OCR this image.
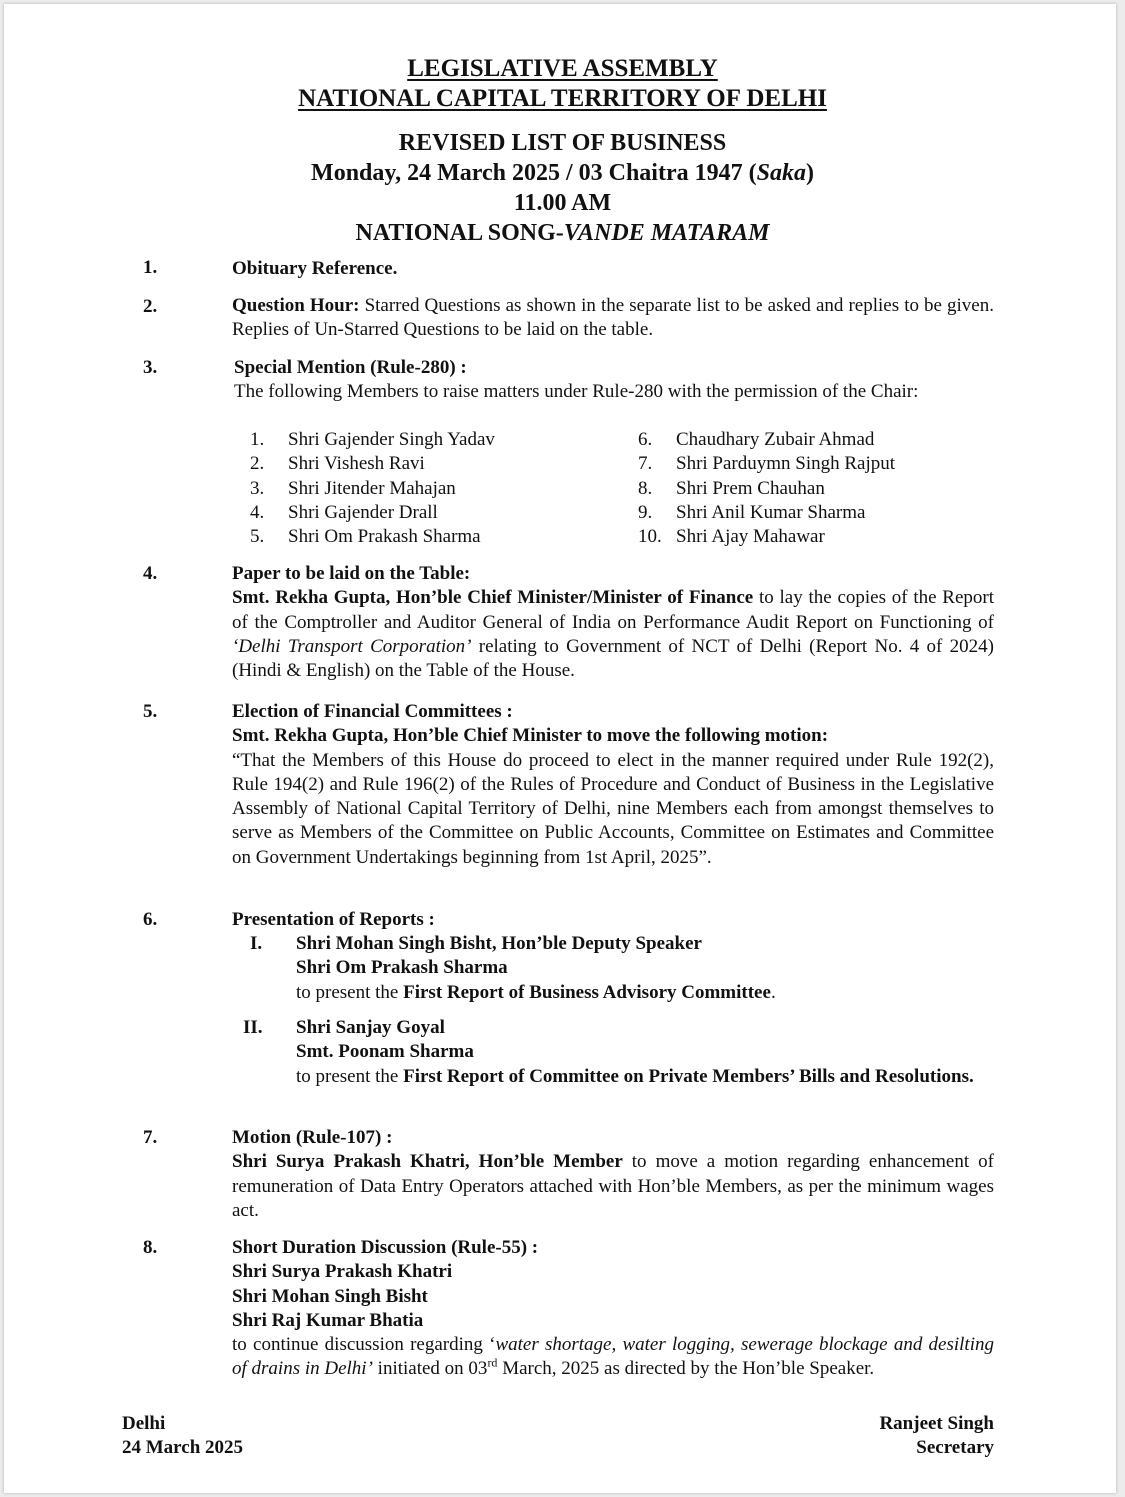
LEGISLATIVE ASSEMBLY
NATIONAL CAPITAL TERRITORY OF DELHI
REVISED LIST OF BUSINESS
Monday, 24 March 2025 / 03 Chaitra 1947 (Saka)
11.00 AM
NATIONAL SONG-VANDE MATARAM
1.	Obituary Reference.
2.	Question Hour: Starred Questions as shown in the separate list to be asked and replies to be given. Replies of Un-Starred Questions to be laid on the table.
3.	Special Mention (Rule-280) :
The following Members to raise matters under Rule-280 with the permission of the Chair:
1. Shri Gajender Singh Yadav
2. Shri Vishesh Ravi
3. Shri Jitender Mahajan
4. Shri Gajender Drall
5. Shri Om Prakash Sharma
6. Chaudhary Zubair Ahmad
7. Shri Parduymn Singh Rajput
8. Shri Prem Chauhan
9. Shri Anil Kumar Sharma
10. Shri Ajay Mahawar
4.	Paper to be laid on the Table:
Smt. Rekha Gupta, Hon’ble Chief Minister/Minister of Finance to lay the copies of the Report of the Comptroller and Auditor General of India on Performance Audit Report on Functioning of ‘Delhi Transport Corporation’ relating to Government of NCT of Delhi (Report No. 4 of 2024) (Hindi & English) on the Table of the House.
5.	Election of Financial Committees :
Smt. Rekha Gupta, Hon’ble Chief Minister to move the following motion:
“That the Members of this House do proceed to elect in the manner required under Rule 192(2), Rule 194(2) and Rule 196(2) of the Rules of Procedure and Conduct of Business in the Legislative Assembly of National Capital Territory of Delhi, nine Members each from amongst themselves to serve as Members of the Committee on Public Accounts, Committee on Estimates and Committee on Government Undertakings beginning from 1st April, 2025”.
6.	Presentation of Reports :
I. Shri Mohan Singh Bisht, Hon’ble Deputy Speaker
Shri Om Prakash Sharma
to present the First Report of Business Advisory Committee.
II. Shri Sanjay Goyal
Smt. Poonam Sharma
to present the First Report of Committee on Private Members’ Bills and Resolutions.
7.	Motion (Rule-107) :
Shri Surya Prakash Khatri, Hon’ble Member to move a motion regarding enhancement of remuneration of Data Entry Operators attached with Hon’ble Members, as per the minimum wages act.
8.	Short Duration Discussion (Rule-55) :
Shri Surya Prakash Khatri
Shri Mohan Singh Bisht
Shri Raj Kumar Bhatia
to continue discussion regarding ‘water shortage, water logging, sewerage blockage and desilting of drains in Delhi’ initiated on 03rd March, 2025 as directed by the Hon’ble Speaker.
Delhi
24 March 2025
Ranjeet Singh
Secretary
